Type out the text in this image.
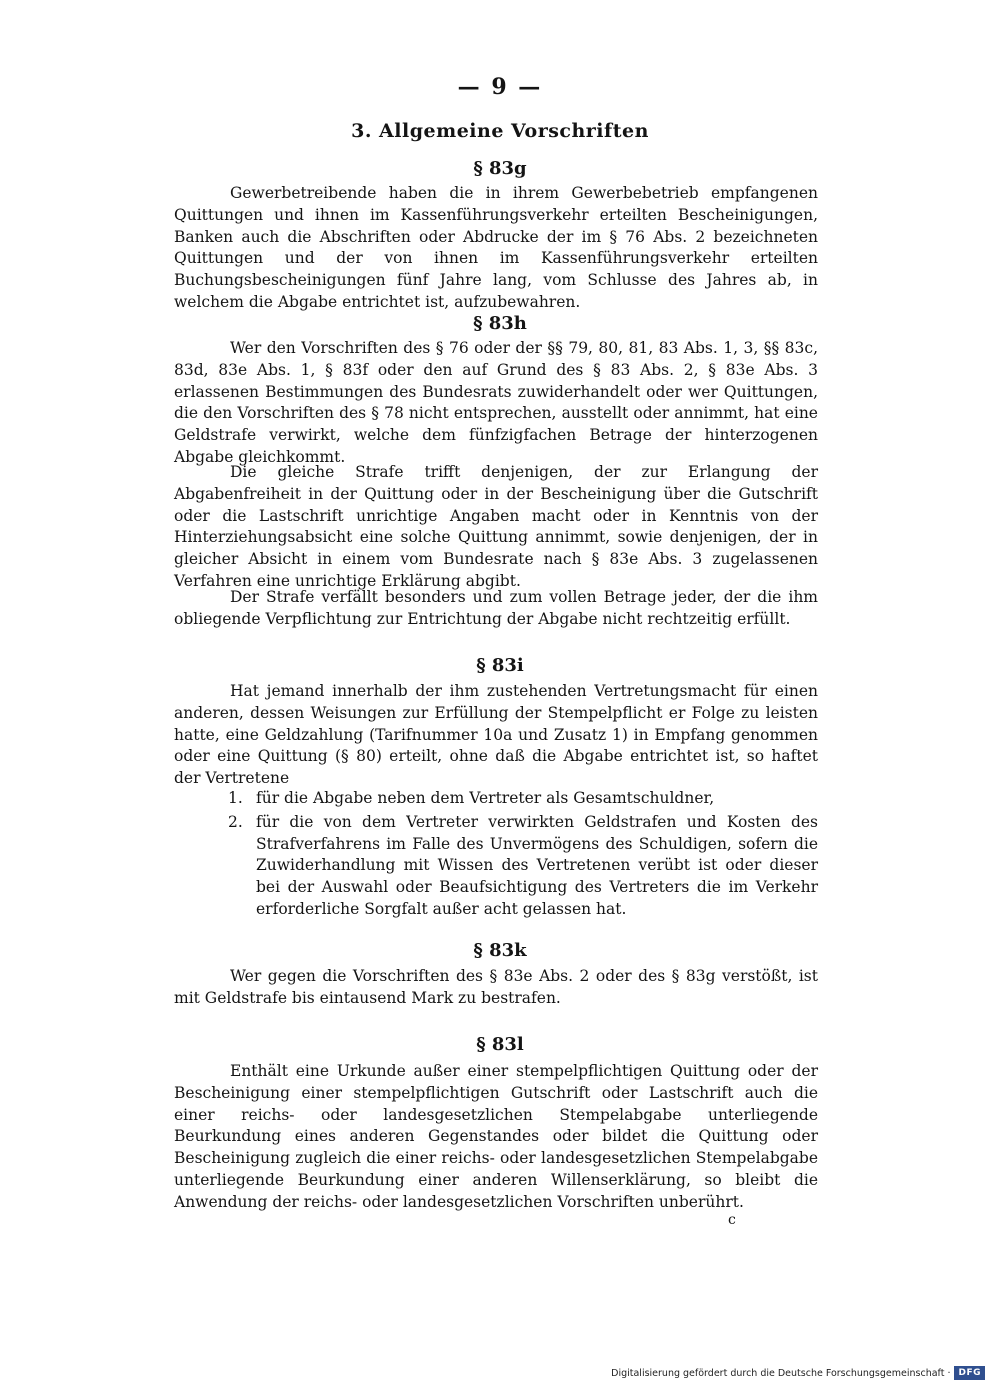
— 9 —
3. Allgemeine Vorschriften
§ 83g
Gewerbetreibende haben die in ihrem Gewerbebetrieb empfangenen Quittungen und ihnen im Kassenführungsverkehr erteilten Bescheinigungen, Banken auch die Abschriften oder Abdrucke der im § 76 Abs. 2 bezeichneten Quittungen und der von ihnen im Kassenführungsverkehr erteilten Buchungsbescheinigungen fünf Jahre lang, vom Schlusse des Jahres ab, in welchem die Abgabe entrichtet ist, aufzubewahren.
§ 83h
Wer den Vorschriften des § 76 oder der §§ 79, 80, 81, 83 Abs. 1, 3, §§ 83c, 83d, 83e Abs. 1, § 83f oder den auf Grund des § 83 Abs. 2, § 83e Abs. 3 erlassenen Bestimmungen des Bundesrats zuwiderhandelt oder wer Quittungen, die den Vorschriften des § 78 nicht entsprechen, ausstellt oder annimmt, hat eine Geldstrafe verwirkt, welche dem fünfzigfachen Betrage der hinterzogenen Abgabe gleichkommt.
Die gleiche Strafe trifft denjenigen, der zur Erlangung der Abgabenfreiheit in der Quittung oder in der Bescheinigung über die Gutschrift oder die Lastschrift unrichtige Angaben macht oder in Kenntnis von der Hinterziehungsabsicht eine solche Quittung annimmt, sowie denjenigen, der in gleicher Absicht in einem vom Bundesrate nach § 83e Abs. 3 zugelassenen Verfahren eine unrichtige Erklärung abgibt.
Der Strafe verfällt besonders und zum vollen Betrage jeder, der die ihm obliegende Verpflichtung zur Entrichtung der Abgabe nicht rechtzeitig erfüllt.
§ 83i
Hat jemand innerhalb der ihm zustehenden Vertretungsmacht für einen anderen, dessen Weisungen zur Erfüllung der Stempelpflicht er Folge zu leisten hatte, eine Geldzahlung (Tarifnummer 10a und Zusatz 1) in Empfang genommen oder eine Quittung (§ 80) erteilt, ohne daß die Abgabe entrichtet ist, so haftet der Vertretene
1. für die Abgabe neben dem Vertreter als Gesamtschuldner,
2. für die von dem Vertreter verwirkten Geldstrafen und Kosten des Strafverfahrens im Falle des Unvermögens des Schuldigen, sofern die Zuwiderhandlung mit Wissen des Vertretenen verübt ist oder dieser bei der Auswahl oder Beaufsichtigung des Vertreters die im Verkehr erforderliche Sorgfalt außer acht gelassen hat.
§ 83k
Wer gegen die Vorschriften des § 83e Abs. 2 oder des § 83g verstößt, ist mit Geldstrafe bis eintausend Mark zu bestrafen.
§ 83l
Enthält eine Urkunde außer einer stempelpflichtigen Quittung oder der Bescheinigung einer stempelpflichtigen Gutschrift oder Lastschrift auch die einer reichs- oder landesgesetzlichen Stempelabgabe unterliegende Beurkundung eines anderen Gegenstandes oder bildet die Quittung oder Bescheinigung zugleich die einer reichs- oder landesgesetzlichen Stempelabgabe unterliegende Beurkundung einer anderen Willenserklärung, so bleibt die Anwendung der reichs- oder landesgesetzlichen Vorschriften unberührt.
c
Digitalisierung gefördert durch die Deutsche Forschungsgemeinschaft · DFG
